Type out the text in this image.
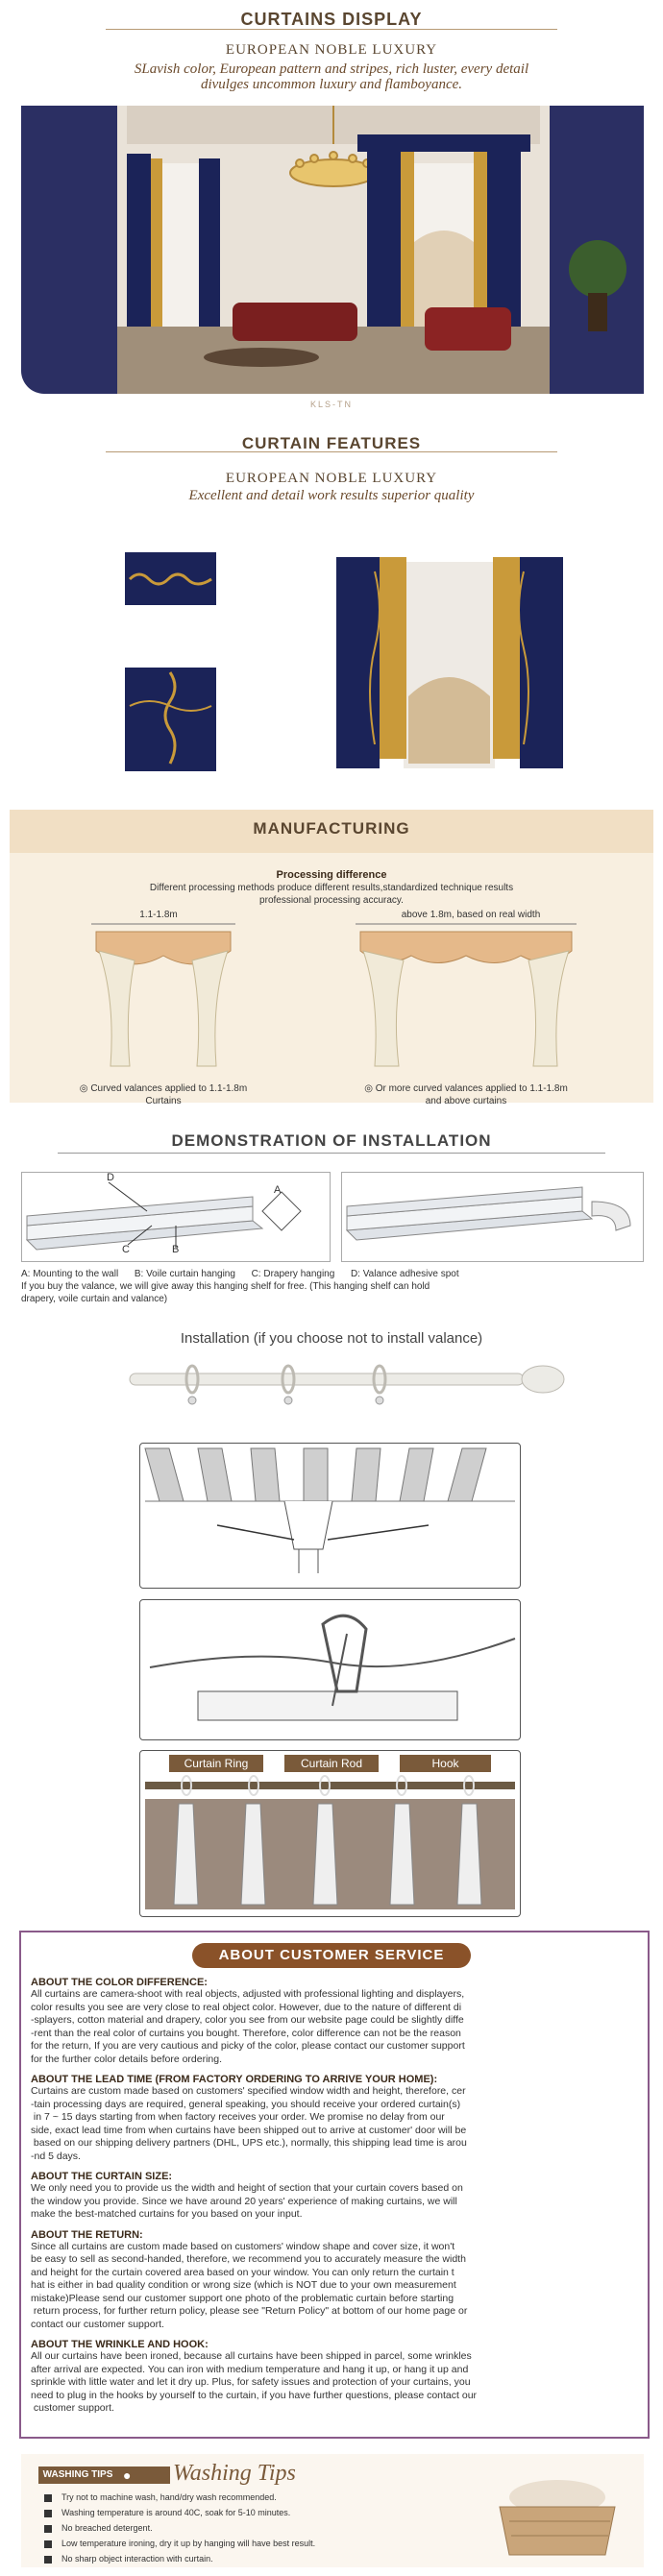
CURTAINS DISPLAY
EUROPEAN NOBLE LUXURY
SLavish color, European pattern and stripes, rich luster, every detail
divulges uncommon luxury and flamboyance.
KLS-TN
CURTAIN FEATURES
EUROPEAN NOBLE LUXURY
Excellent and detail work results superior quality
MANUFACTURING
Processing difference
Different processing methods produce different results,standardized technique results
professional processing accuracy.
1.1-1.8m	above 1.8m, based on real width
◎ Curved valances applied to 1.1-1.8m
Curtains
◎ Or more curved valances applied to 1.1-1.8m
and above curtains
DEMONSTRATION OF INSTALLATION
D
A
C	B
A: Mounting to the wall      B: Voile curtain hanging      C: Drapery hanging      D: Valance adhesive spot
If you buy the valance, we will give away this hanging shelf for free. (This hanging shelf can hold
drapery, voile curtain and valance)
Installation (if you choose not to install valance)
Curtain Ring	Curtain Rod	Hook
ABOUT CUSTOMER SERVICE
ABOUT THE COLOR DIFFERENCE:
All curtains are camera-shoot with real objects, adjusted with professional lighting and displayers,
color results you see are very close to real object color. However, due to the nature of different di
-splayers, cotton material and drapery, color you see from our website page could be slightly diffe
-rent than the real color of curtains you bought. Therefore, color difference can not be the reason
for the return, If you are very cautious and picky of the color, please contact our customer support
for the further color details before ordering.
ABOUT THE LEAD TIME (FROM FACTORY ORDERING TO ARRIVE YOUR HOME):
Curtains are custom made based on customers' specified window width and height, therefore, cer
-tain processing days are required, general speaking, you should receive your ordered curtain(s)
in 7 ~ 15 days starting from when factory receives your order. We promise no delay from our
side, exact lead time from when curtains have been shipped out to arrive at customer' door will be
based on our shipping delivery partners (DHL, UPS etc.), normally, this shipping lead time is arou
-nd 5 days.
ABOUT THE CURTAIN SIZE:
We only need you to provide us the width and height of section that your curtain covers based on
the window you provide. Since we have around 20 years' experience of making curtains, we will
make the best-matched curtains for you based on your input.
ABOUT THE RETURN:
Since all curtains are custom made based on customers' window shape and cover size, it won't
be easy to sell as second-handed, therefore, we recommend you to accurately measure the width
and height for the curtain covered area based on your window. You can only return the curtain t
hat is either in bad quality condition or wrong size (which is NOT due to your own measurement
mistake)Please send our customer support one photo of the problematic curtain before starting
return process, for further return policy, please see "Return Policy" at bottom of our home page or
contact our customer support.
ABOUT THE WRINKLE AND HOOK:
All our curtains have been ironed, because all curtains have been shipped in parcel, some wrinkles
after arrival are expected. You can iron with medium temperature and hang it up, or hang it up and
sprinkle with little water and let it dry up. Plus, for safety issues and protection of your curtains, you
need to plug in the hooks by yourself to the curtain, if you have further questions, please contact our
customer support.
WASHING TIPS ●	Washing Tips
Try not to machine wash, hand/dry wash recommended.
Washing temperature is around 40C, soak for 5-10 minutes.
No breached detergent.
Low temperature ironing, dry it up by hanging will have best result.
No sharp object interaction with curtain.
